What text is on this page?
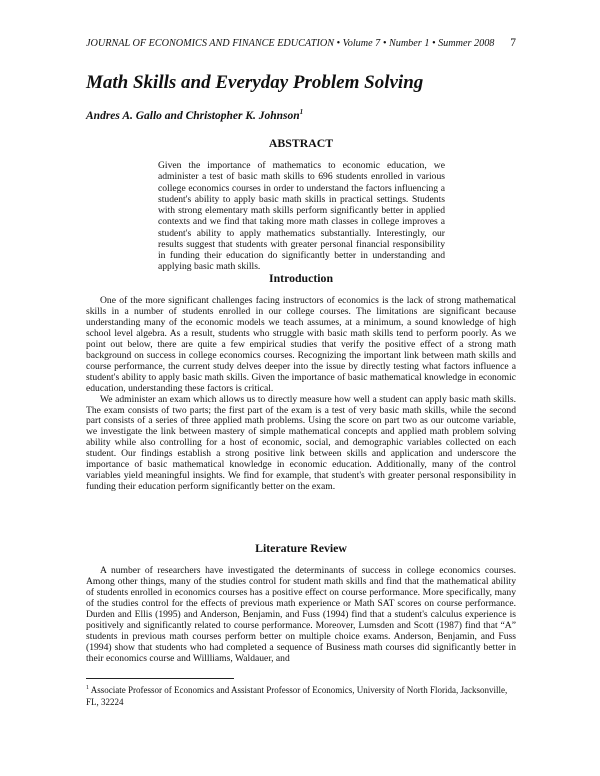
JOURNAL OF ECONOMICS AND FINANCE EDUCATION • Volume 7 • Number 1 • Summer 2008 7
Math Skills and Everyday Problem Solving
Andres A. Gallo and Christopher K. Johnson$^1$
ABSTRACT
Given the importance of mathematics to economic education, we administer a test of basic math skills to 696 students enrolled in various college economics courses in order to understand the factors influencing a student's ability to apply basic math skills in practical settings. Students with strong elementary math skills perform significantly better in applied contexts and we find that taking more math classes in college improves a student's ability to apply mathematics substantially. Interestingly, our results suggest that students with greater personal financial responsibility in funding their education do significantly better in understanding and applying basic math skills.
Introduction

One of the more significant challenges facing instructors of economics is the lack of strong mathematical skills in a number of students enrolled in our college courses. The limitations are significant because understanding many of the economic models we teach assumes, at a minimum, a sound knowledge of high school level algebra. As a result, students who struggle with basic math skills tend to perform poorly. As we point out below, there are quite a few empirical studies that verify the positive effect of a strong math background on success in college economics courses. Recognizing the important link between math skills and course performance, the current study delves deeper into the issue by directly testing what factors influence a student's ability to apply basic math skills. Given the importance of basic mathematical knowledge in economic education, understanding these factors is critical.

We administer an exam which allows us to directly measure how well a student can apply basic math skills. The exam consists of two parts; the first part of the exam is a test of very basic math skills, while the second part consists of a series of three applied math problems. Using the score on part two as our outcome variable, we investigate the link between mastery of simple mathematical concepts and applied math problem solving ability while also controlling for a host of economic, social, and demographic variables collected on each student. Our findings establish a strong positive link between skills and application and underscore the importance of basic mathematical knowledge in economic education. Additionally, many of the control variables yield meaningful insights. We find for example, that student's with greater personal responsibility in funding their education perform significantly better on the exam.

Literature Review

A number of researchers have investigated the determinants of success in college economics courses. Among other things, many of the studies control for student math skills and find that the mathematical ability of students enrolled in economics courses has a positive effect on course performance. More specifically, many of the studies control for the effects of previous math experience or Math SAT scores on course performance. Durden and Ellis (1995) and Anderson, Benjamin, and Fuss (1994) find that a student's calculus experience is positively and significantly related to course performance. Moreover, Lumsden and Scott (1987) find that “A” students in previous math courses perform better on multiple choice exams. Anderson, Benjamin, and Fuss (1994) show that students who had completed a sequence of Business math courses did significantly better in their economics course and Willliams, Waldauer, and

$^1$ Associate Professor of Economics and Assistant Professor of Economics, University of North Florida, Jacksonville, FL, 32224
